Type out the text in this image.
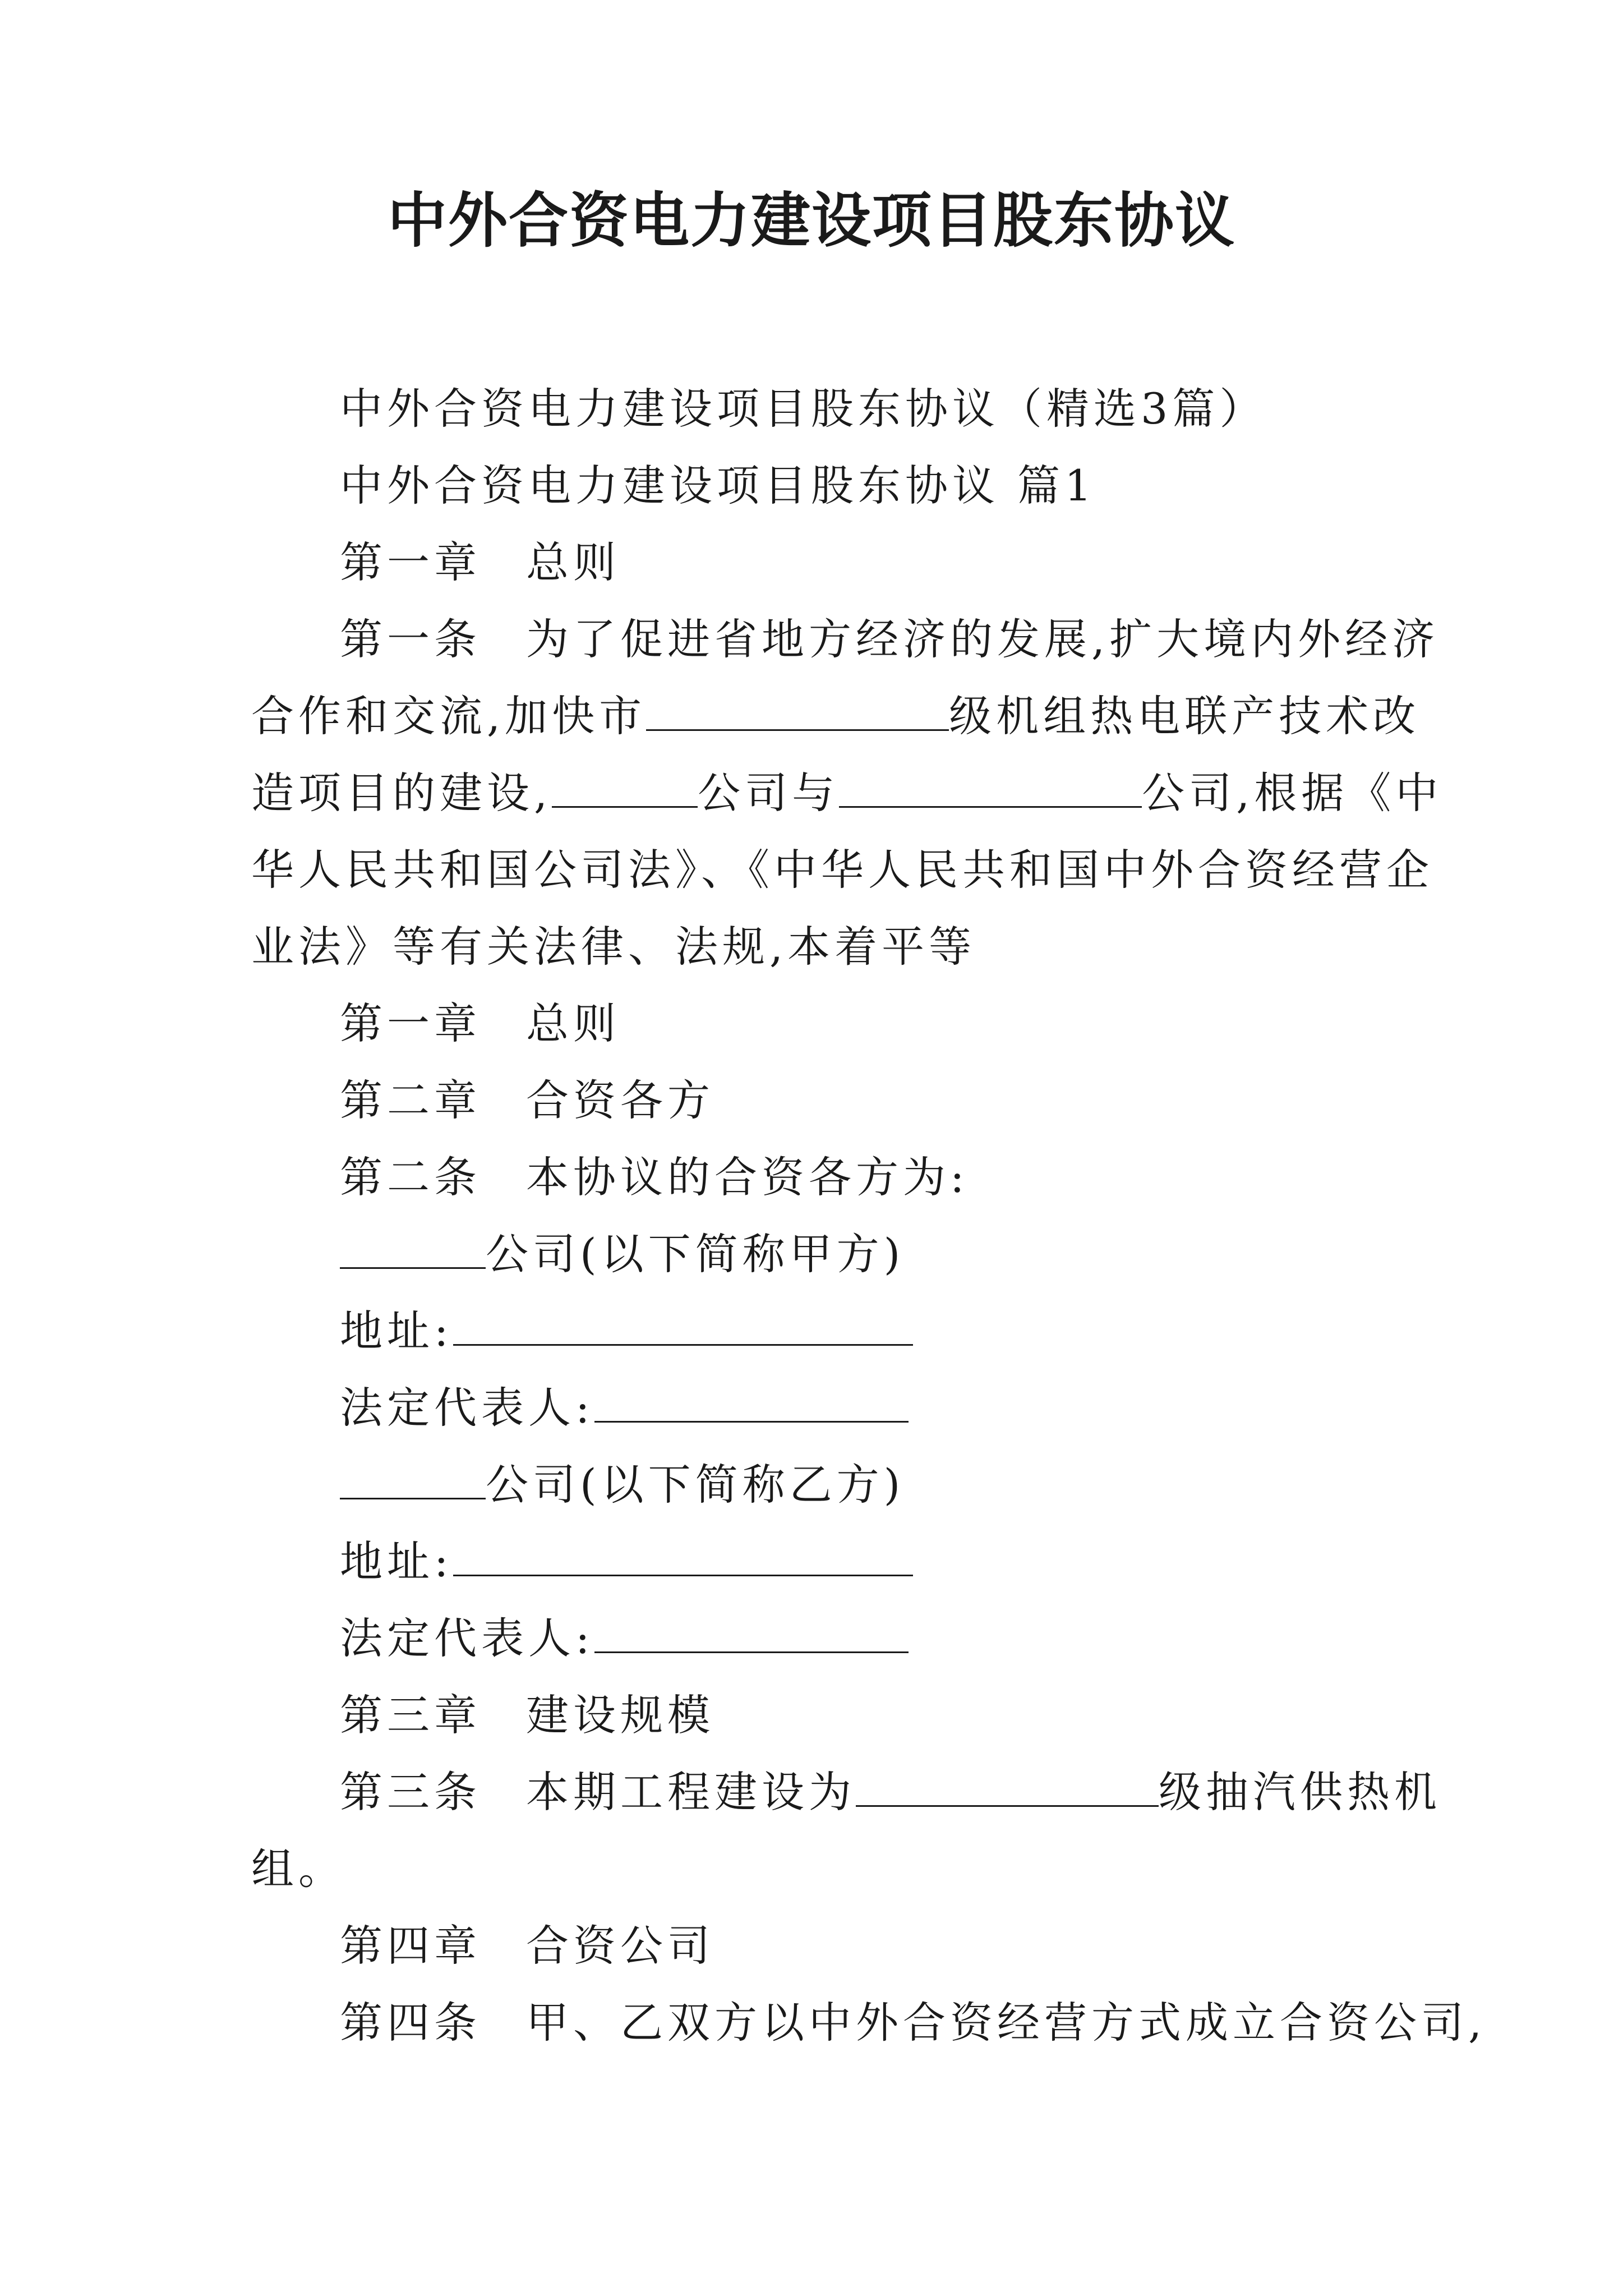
中外合资电力建设项目股东协议

中外合资电力建设项目股东协议（精选3篇）

中外合资电力建设项目股东协议 篇1

第一章 总则

第一条 为了促进省地方经济的发展,扩大境内外经济

合作和交流,加快市	级机组热电联产技术改

造项目的建设,	公司与	公司,根据《中

华人民共和国公司法》、《中华人民共和国中外合资经营企

业法》等有关法律、法规,本着平等

第一章 总则

第二章 合资各方

第二条 本协议的合资各方为:

公司(以下简称甲方)

地址:

法定代表人:

公司(以下简称乙方)

地址:

法定代表人:

第三章 建设规模

第三条 本期工程建设为	级抽汽供热机

组。

第四章 合资公司

第四条 甲、乙双方以中外合资经营方式成立合资公司,
